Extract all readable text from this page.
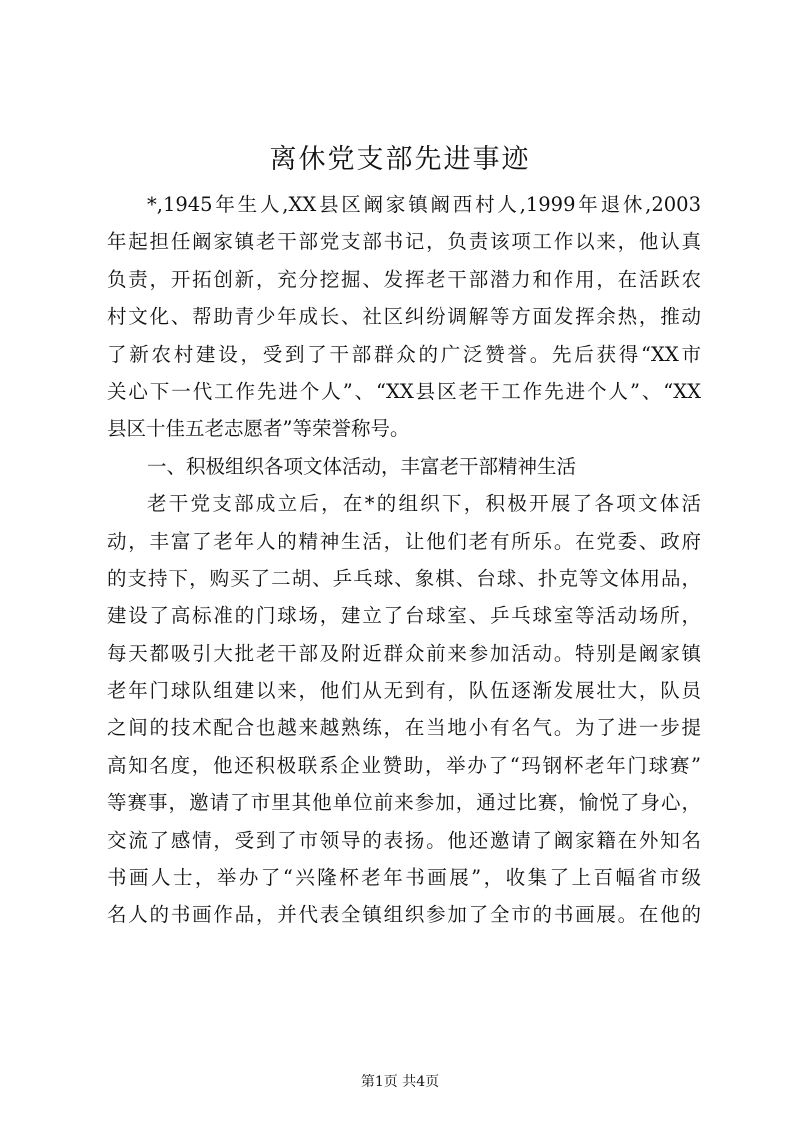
离休党支部先进事迹
*,1945年生人,XX县区阚家镇阚西村人,1999年退休,2003
年起担任阚家镇老干部党支部书记，负责该项工作以来，他认真
负责，开拓创新，充分挖掘、发挥老干部潜力和作用，在活跃农
村文化、帮助青少年成长、社区纠纷调解等方面发挥余热，推动
了新农村建设，受到了干部群众的广泛赞誉。先后获得“XX市
关心下一代工作先进个人”、“XX县区老干工作先进个人”、“XX
县区十佳五老志愿者”等荣誉称号。
一、积极组织各项文体活动，丰富老干部精神生活
老干党支部成立后，在*的组织下，积极开展了各项文体活
动，丰富了老年人的精神生活，让他们老有所乐。在党委、政府
的支持下，购买了二胡、乒乓球、象棋、台球、扑克等文体用品，
建设了高标准的门球场，建立了台球室、乒乓球室等活动场所，
每天都吸引大批老干部及附近群众前来参加活动。特别是阚家镇
老年门球队组建以来，他们从无到有，队伍逐渐发展壮大，队员
之间的技术配合也越来越熟练，在当地小有名气。为了进一步提
高知名度，他还积极联系企业赞助，举办了“玛钢杯老年门球赛”
等赛事，邀请了市里其他单位前来参加，通过比赛，愉悦了身心，
交流了感情，受到了市领导的表扬。他还邀请了阚家籍在外知名
书画人士，举办了“兴隆杯老年书画展”，收集了上百幅省市级
名人的书画作品，并代表全镇组织参加了全市的书画展。在他的
第1页 共4页
